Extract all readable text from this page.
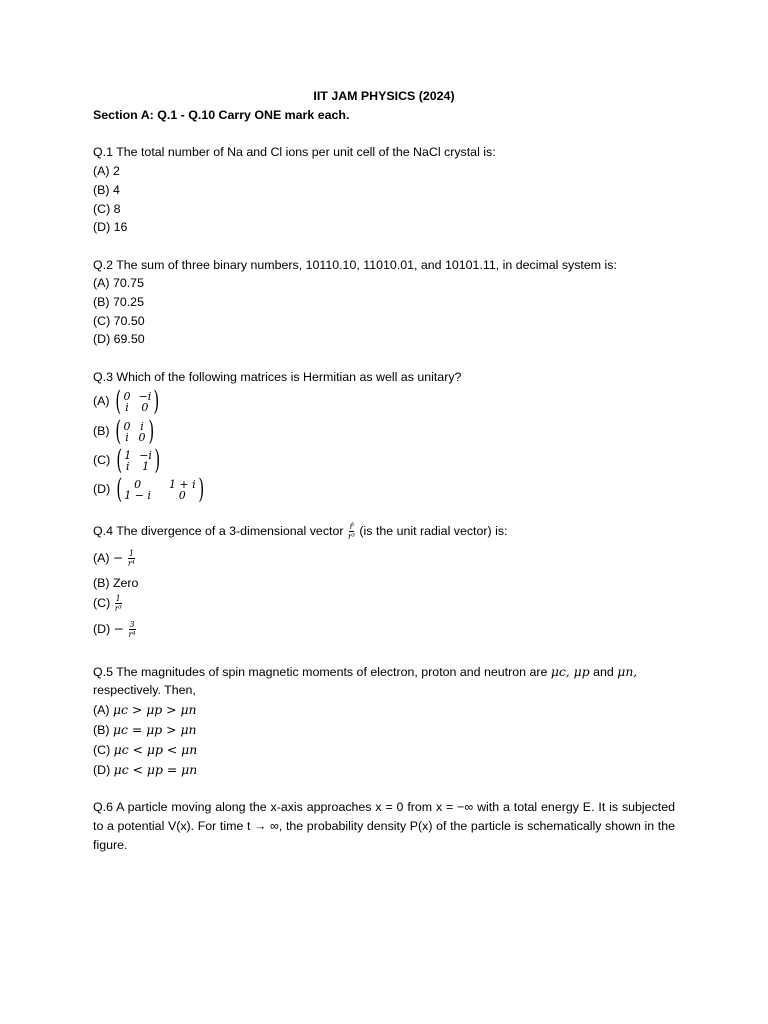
IIT JAM PHYSICS (2024)
Section A: Q.1 - Q.10 Carry ONE mark each.
Q.1 The total number of Na and Cl ions per unit cell of the NaCl crystal is:
(A) 2
(B) 4
(C) 8
(D) 16
Q.2 The sum of three binary numbers, 10110.10, 11010.01, and 10101.11, in decimal system is:
(A) 70.75
(B) 70.25
(C) 70.50
(D) 69.50
Q.3 Which of the following matrices is Hermitian as well as unitary?
(A) ( 0 −i
i 0 )
(B) ( 0 i
i 0 )
(C) ( 1 −i
i 1 )
(D) (	0	1 + i
1 − i	0 )
Q.4 The divergence of a 3-dimensional vector $\frac{r̂}{\text{r³}} (is$ the unit radial vector) is:
$(A) - \frac{1}{\text{r⁴}}$
(B) Zero
$(C) \frac{1}{\text{r³}}$
$(D) - \frac{3}{\text{r⁴}}$
Q.5 The magnitudes of spin magnetic moments of electron, proton and neutron are μc, μp and μn,
respectively. Then,
(A) μc > μp > μn
(B) μc = μp > μn
(C) μc < μp < μn
(D) μc < μp = μn
Q.6 A particle moving along the x-axis approaches x = 0 from x = −∞ with a total energy E. It is subjected to a potential V(x). For time t → ∞, the probability density P(x) of the particle is schematically shown in the figure.
